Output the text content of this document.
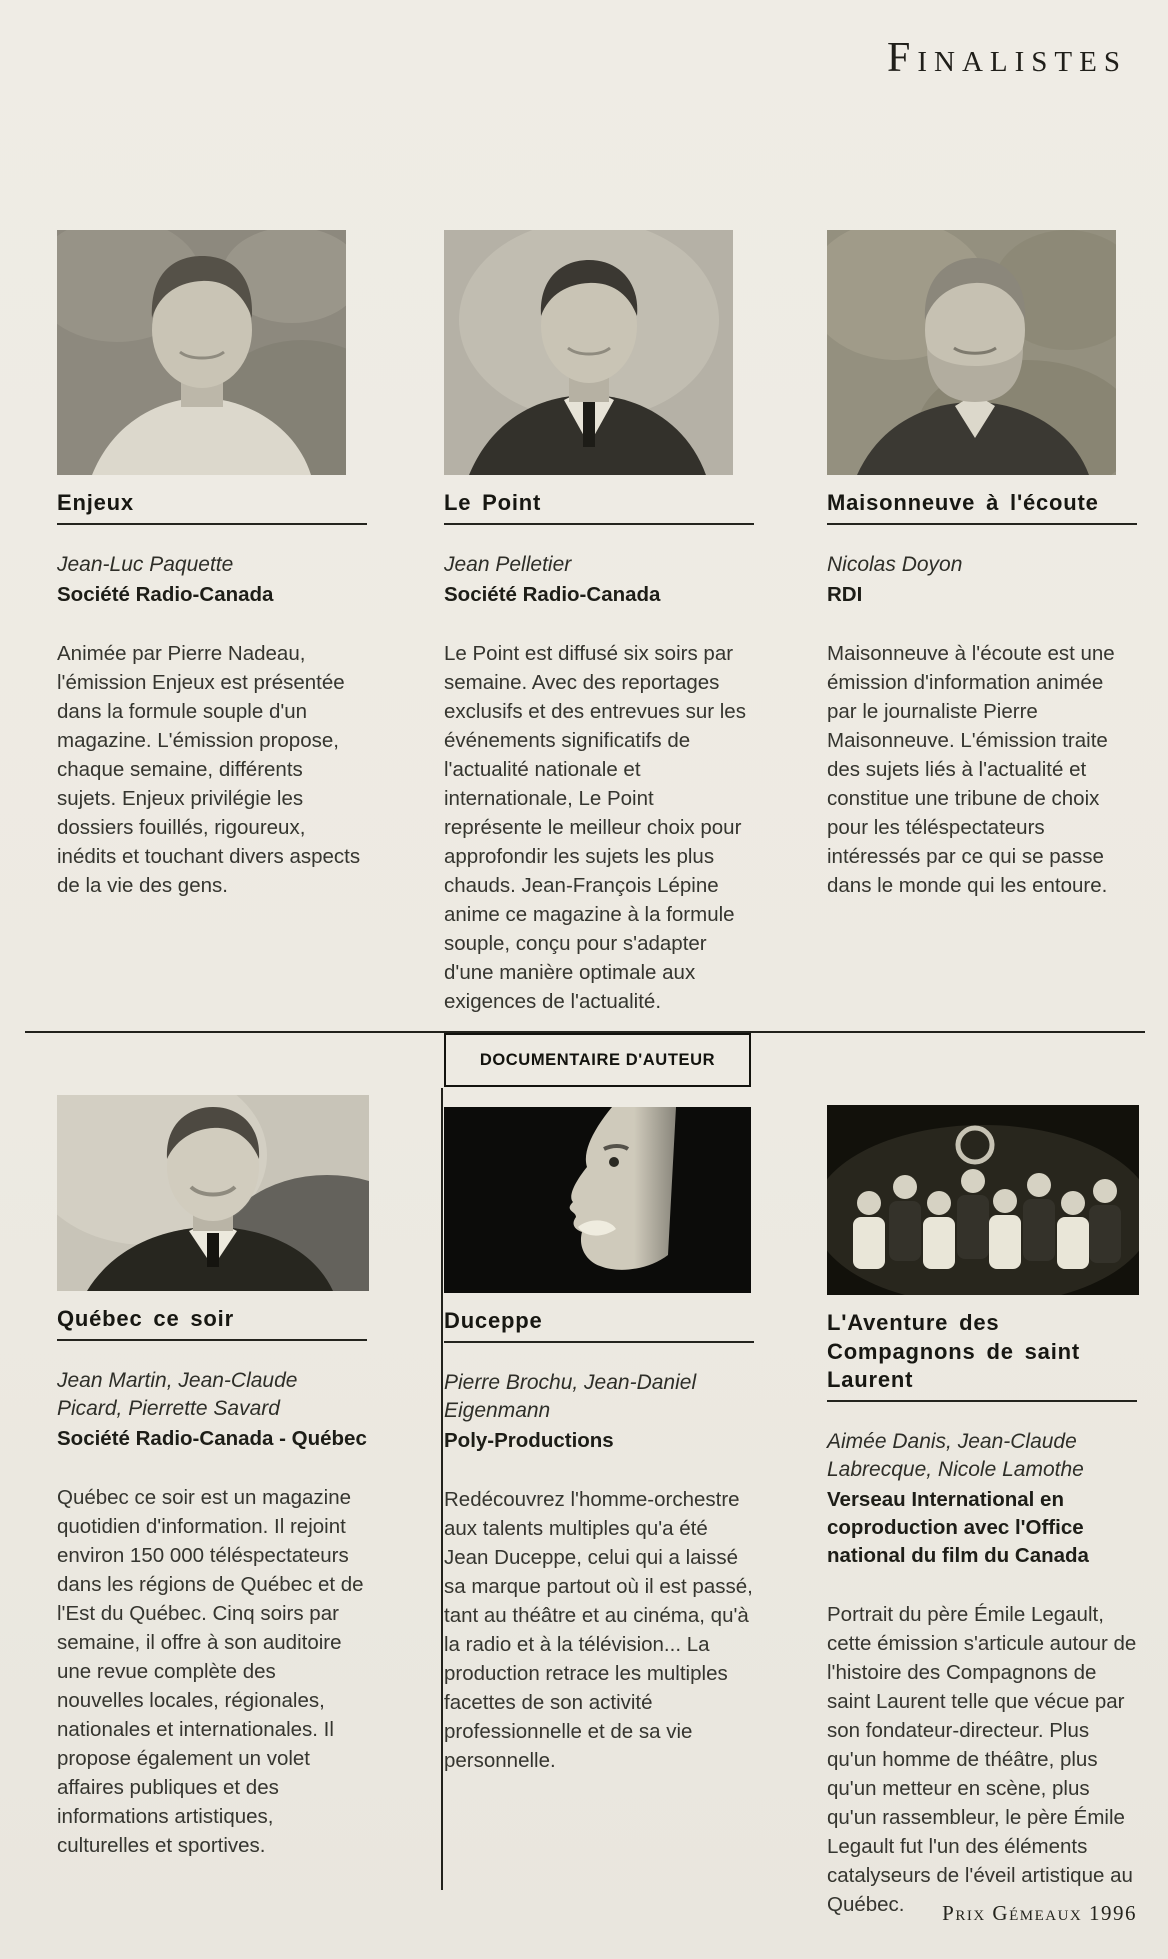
Finalistes
Enjeux

Jean-Luc Paquette

Société Radio-Canada

Animée par Pierre Nadeau, l'émission Enjeux est présentée dans la formule souple d'un magazine. L'émission propose, chaque semaine, différents sujets. Enjeux privilégie les dossiers fouillés, rigoureux, inédits et touchant divers aspects de la vie des gens.

Le Point

Jean Pelletier

Société Radio-Canada

Le Point est diffusé six soirs par semaine. Avec des reportages exclusifs et des entrevues sur les événements significatifs de l'actualité nationale et internationale, Le Point représente le meilleur choix pour approfondir les sujets les plus chauds. Jean-François Lépine anime ce magazine à la formule souple, conçu pour s'adapter d'une manière optimale aux exigences de l'actualité.

Maisonneuve à l'écoute

Nicolas Doyon

RDI

Maisonneuve à l'écoute est une émission d'information animée par le journaliste Pierre Maisonneuve. L'émission traite des sujets liés à l'actualité et constitue une tribune de choix pour les téléspectateurs intéressés par ce qui se passe dans le monde qui les entoure.

DOCUMENTAIRE D'AUTEUR
Québec ce soir

Jean Martin, Jean-Claude Picard, Pierrette Savard

Société Radio-Canada - Québec

Québec ce soir est un magazine quotidien d'information. Il rejoint environ 150 000 téléspectateurs dans les régions de Québec et de l'Est du Québec. Cinq soirs par semaine, il offre à son auditoire une revue complète des nouvelles locales, régionales, nationales et internationales. Il propose également un volet affaires publiques et des informations artistiques, culturelles et sportives.

Duceppe

Pierre Brochu, Jean-Daniel Eigenmann

Poly-Productions

Redécouvrez l'homme-orchestre aux talents multiples qu'a été Jean Duceppe, celui qui a laissé sa marque partout où il est passé, tant au théâtre et au cinéma, qu'à la radio et à la télévision... La production retrace les multiples facettes de son activité professionnelle et de sa vie personnelle.

L'Aventure des Compagnons de saint Laurent

Aimée Danis, Jean-Claude Labrecque, Nicole Lamothe

Verseau International en coproduction avec l'Office national du film du Canada

Portrait du père Émile Legault, cette émission s'articule autour de l'histoire des Compagnons de saint Laurent telle que vécue par son fondateur-directeur. Plus qu'un homme de théâtre, plus qu'un metteur en scène, plus qu'un rassembleur, le père Émile Legault fut l'un des éléments catalyseurs de l'éveil artistique au Québec.	Prix Gémeaux 1996
